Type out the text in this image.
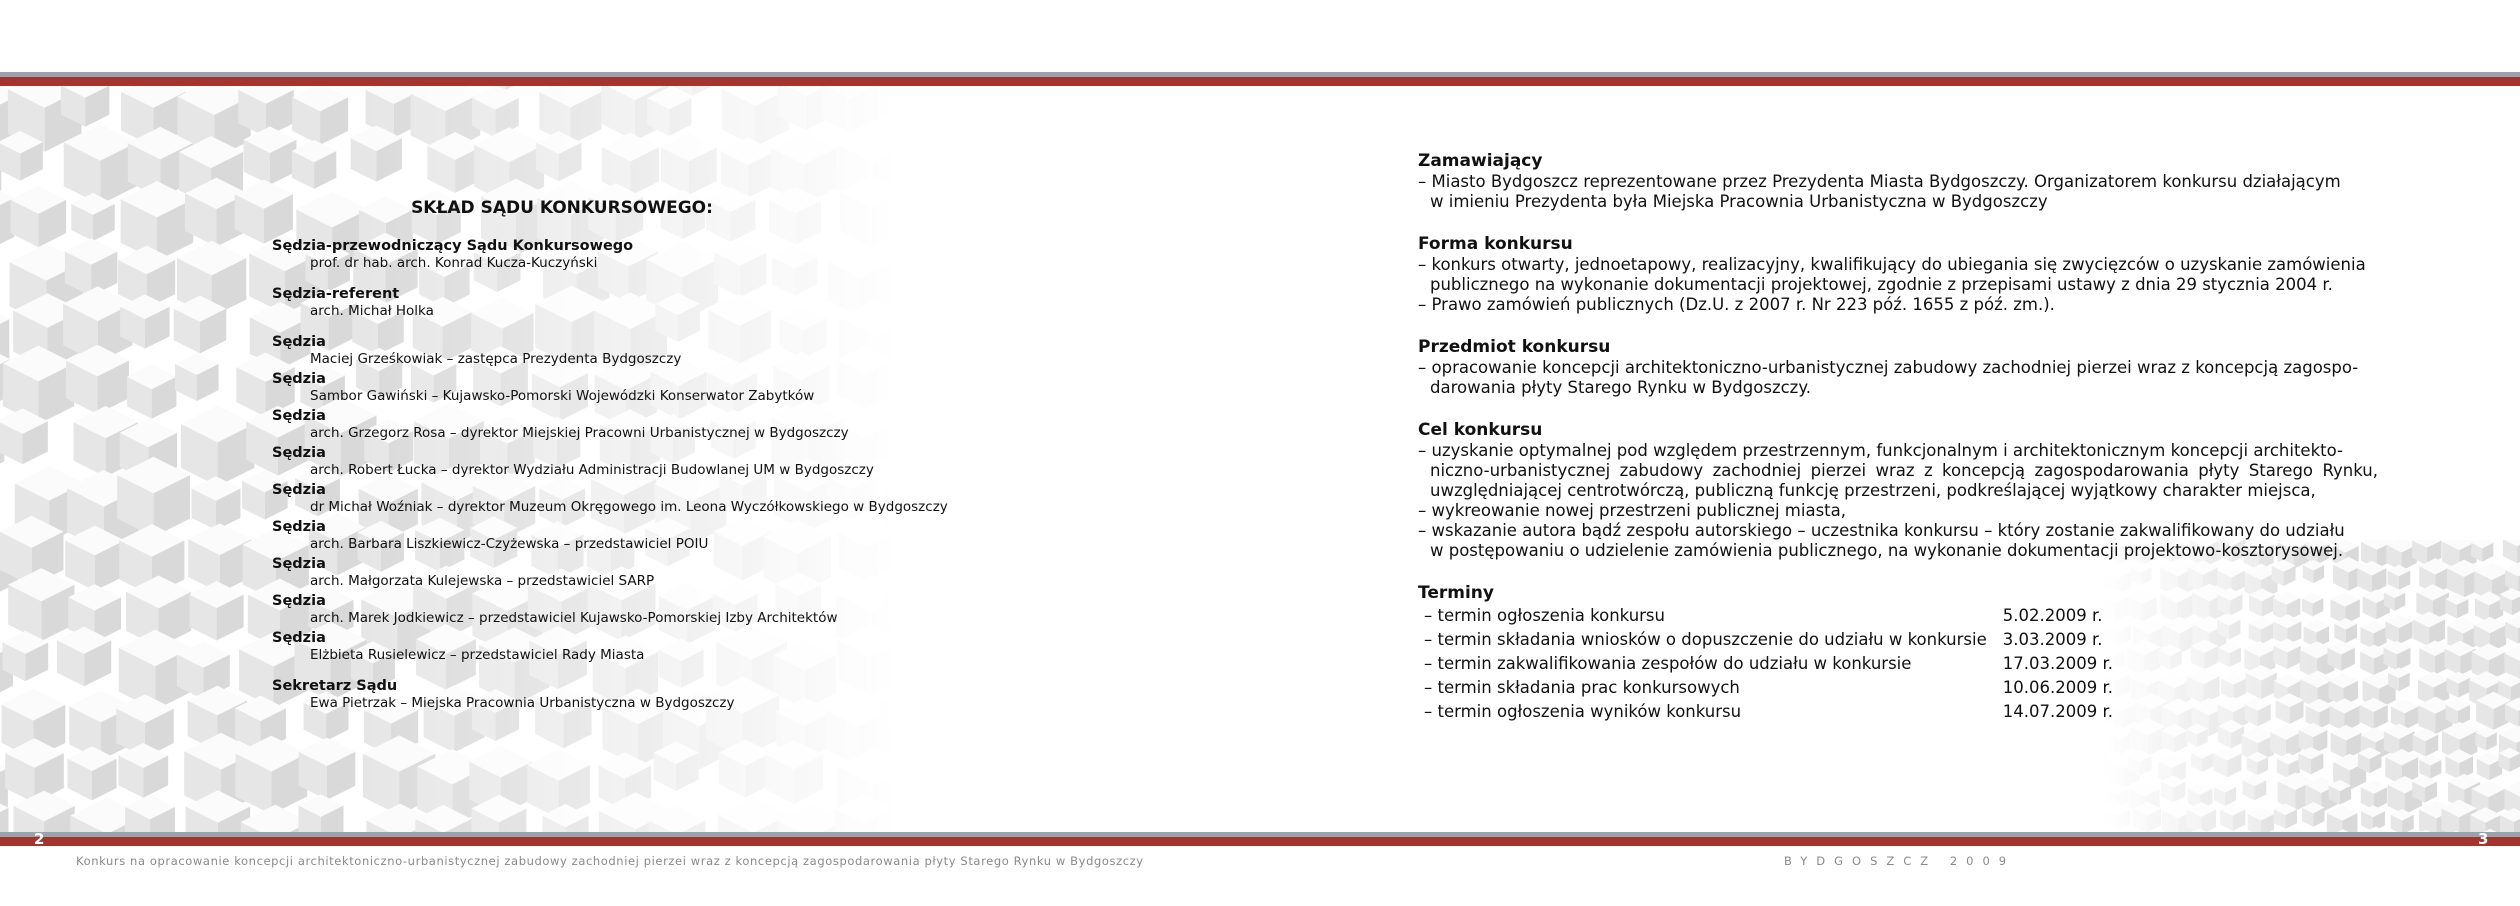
SKŁAD SĄDU KONKURSOWEGO:
Sędzia-przewodniczący Sądu Konkursowego
prof. dr hab. arch. Konrad Kucza-Kuczyński
Sędzia-referent
arch. Michał Holka
Sędzia
Maciej Grześkowiak – zastępca Prezydenta Bydgoszczy
Sędzia
Sambor Gawiński – Kujawsko-Pomorski Wojewódzki Konserwator Zabytków
Sędzia
arch. Grzegorz Rosa – dyrektor Miejskiej Pracowni Urbanistycznej w Bydgoszczy
Sędzia
arch. Robert Łucka – dyrektor Wydziału Administracji Budowlanej UM w Bydgoszczy
Sędzia
dr Michał Woźniak – dyrektor Muzeum Okręgowego im. Leona Wyczółkowskiego w Bydgoszczy
Sędzia
arch. Barbara Liszkiewicz-Czyżewska – przedstawiciel POIU
Sędzia
arch. Małgorzata Kulejewska – przedstawiciel SARP
Sędzia
arch. Marek Jodkiewicz – przedstawiciel Kujawsko-Pomorskiej Izby Architektów
Sędzia
Elżbieta Rusielewicz – przedstawiciel Rady Miasta
Sekretarz Sądu
Ewa Pietrzak – Miejska Pracownia Urbanistyczna w Bydgoszczy
Zamawiający
– Miasto Bydgoszcz reprezentowane przez Prezydenta Miasta Bydgoszczy. Organizatorem konkursu działającym
w imieniu Prezydenta była Miejska Pracownia Urbanistyczna w Bydgoszczy
Forma konkursu
– konkurs otwarty, jednoetapowy, realizacyjny, kwalifikujący do ubiegania się zwycięzców o uzyskanie zamówienia
publicznego na wykonanie dokumentacji projektowej, zgodnie z przepisami ustawy z dnia 29 stycznia 2004 r.
– Prawo zamówień publicznych (Dz.U. z 2007 r. Nr 223 póź. 1655 z póź. zm.).
Przedmiot konkursu
– opracowanie koncepcji architektoniczno-urbanistycznej zabudowy zachodniej pierzei wraz z koncepcją zagospo-
darowania płyty Starego Rynku w Bydgoszczy.
Cel konkursu
– uzyskanie optymalnej pod względem przestrzennym, funkcjonalnym i architektonicznym koncepcji architekto-
niczno-urbanistycznej zabudowy zachodniej pierzei wraz z koncepcją zagospodarowania płyty Starego Rynku, uwzględniającej centrotwórczą, publiczną funkcję przestrzeni, podkreślającej wyjątkowy charakter miejsca,
– wykreowanie nowej przestrzeni publicznej miasta,
– wskazanie autora bądź zespołu autorskiego – uczestnika konkursu – który zostanie zakwalifikowany do udziału
w postępowaniu o udzielenie zamówienia publicznego, na wykonanie dokumentacji projektowo-kosztorysowej.
Terminy
– termin ogłoszenia konkursu	5.02.2009 r.
– termin składania wniosków o dopuszczenie do udziału w konkursie	3.03.2009 r.
– termin zakwalifikowania zespołów do udziału w konkursie	17.03.2009 r.
– termin składania prac konkursowych	10.06.2009 r.
– termin ogłoszenia wyników konkursu	14.07.2009 r.
2	3
Konkurs na opracowanie koncepcji architektoniczno-urbanistycznej zabudowy zachodniej pierzei wraz z koncepcją zagospodarowania płyty Starego Rynku w Bydgoszczy	BYDGOSZCZ 2009
